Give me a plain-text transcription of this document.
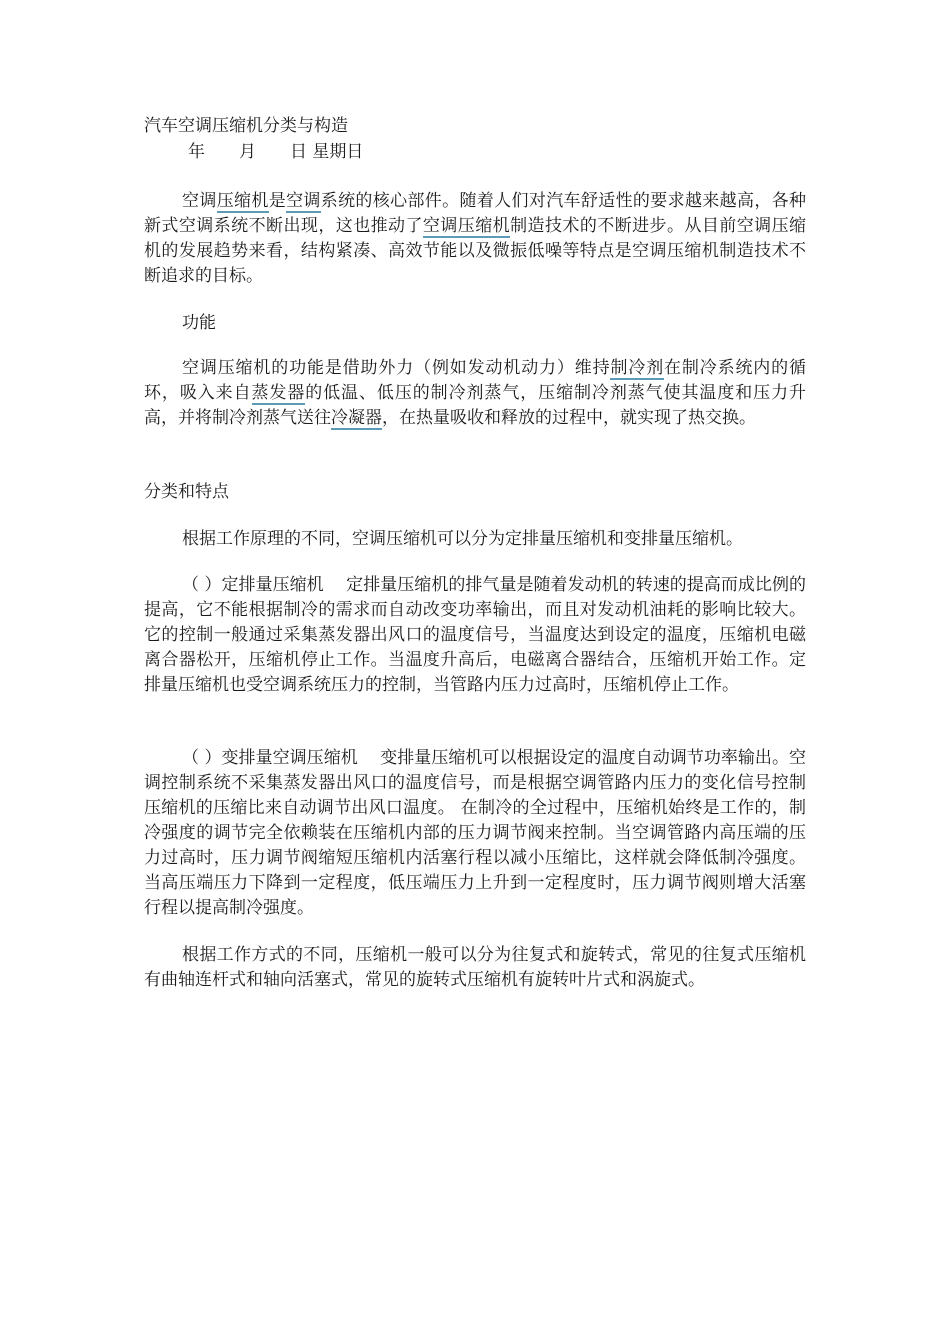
汽车空调压缩机分类与构造
年　　月　　日 星期日
空调压缩机是空调系统的核心部件。随着人们对汽车舒适性的要求越来越高，各种新式空调系统不断出现，这也推动了空调压缩机制造技术的不断进步。从目前空调压缩机的发展趋势来看，结构紧凑、高效节能以及微振低噪等特点是空调压缩机制造技术不断追求的目标。
功能
空调压缩机的功能是借助外力（例如发动机动力）维持制冷剂在制冷系统内的循环，吸入来自蒸发器的低温、低压的制冷剂蒸气，压缩制冷剂蒸气使其温度和压力升高，并将制冷剂蒸气送往冷凝器，在热量吸收和释放的过程中，就实现了热交换。
分类和特点
根据工作原理的不同，空调压缩机可以分为定排量压缩机和变排量压缩机。
（ ）定排量压缩机　 定排量压缩机的排气量是随着发动机的转速的提高而成比例的提高，它不能根据制冷的需求而自动改变功率输出，而且对发动机油耗的影响比较大。它的控制一般通过采集蒸发器出风口的温度信号，当温度达到设定的温度，压缩机电磁离合器松开，压缩机停止工作。当温度升高后，电磁离合器结合，压缩机开始工作。定排量压缩机也受空调系统压力的控制，当管路内压力过高时，压缩机停止工作。
（ ）变排量空调压缩机　 变排量压缩机可以根据设定的温度自动调节功率输出。空调控制系统不采集蒸发器出风口的温度信号，而是根据空调管路内压力的变化信号控制压缩机的压缩比来自动调节出风口温度。 在制冷的全过程中，压缩机始终是工作的，制冷强度的调节完全依赖装在压缩机内部的压力调节阀来控制。当空调管路内高压端的压力过高时，压力调节阀缩短压缩机内活塞行程以减小压缩比，这样就会降低制冷强度。当高压端压力下降到一定程度，低压端压力上升到一定程度时，压力调节阀则增大活塞行程以提高制冷强度。
根据工作方式的不同，压缩机一般可以分为往复式和旋转式，常见的往复式压缩机有曲轴连杆式和轴向活塞式，常见的旋转式压缩机有旋转叶片式和涡旋式。
